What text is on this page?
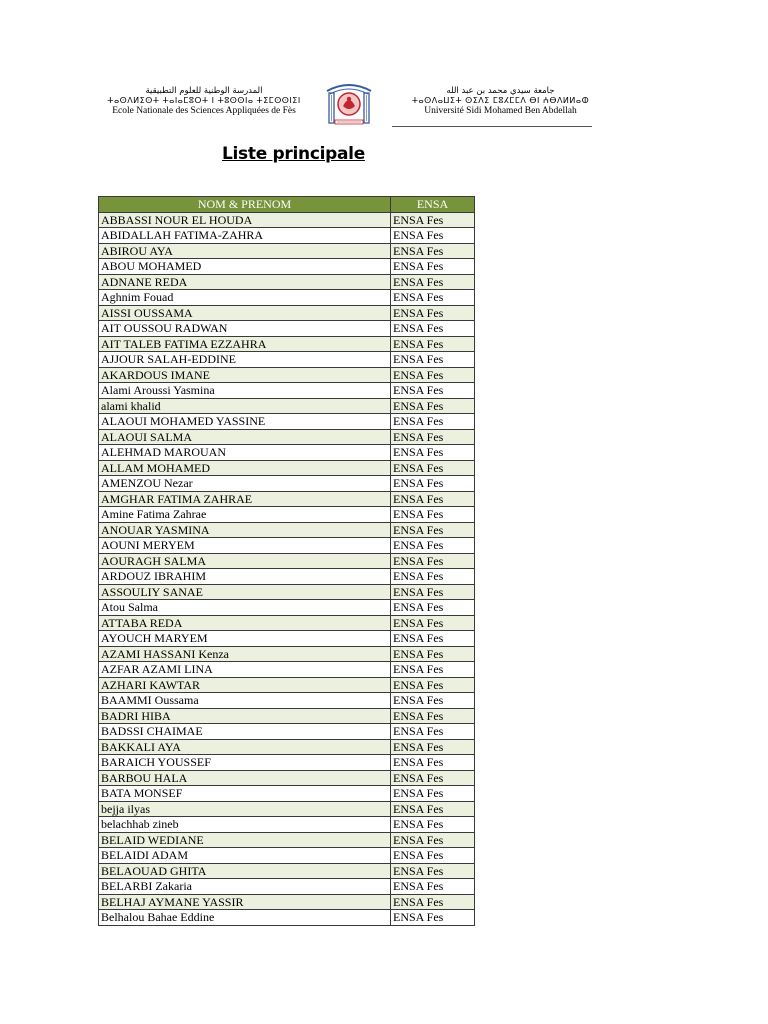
المدرسة الوطنية للعلوم التطبيقية
ⵜⴰⵙⴷⵍⵉⵙⵜ ⵜⴰⵏⴰⵎⵓⵔⵜ ⵏ ⵜⵓⵙⵙⵏⴰ ⵜⵉⵎⵙⵙⵏⵉⵏ
Ecole Nationale des Sciences Appliquées de Fès
جامعة سيدي محمد بن عبد الله
ⵜⴰⵙⴷⴰⵡⵉⵜ ⵙⵉⴷⵉ ⵎⵓⵃⵎⵎⴷ ⴱⵏ ⵄⴱⴷⵍⵍⴰⵀ
Université Sidi Mohamed Ben Abdellah
Liste principale
NOM & PRENOM	ENSA
ABBASSI NOUR EL HOUDA	ENSA Fes
ABIDALLAH FATIMA-ZAHRA	ENSA Fes
ABIROU AYA	ENSA Fes
ABOU MOHAMED	ENSA Fes
ADNANE REDA	ENSA Fes
Aghnim Fouad	ENSA Fes
AISSI OUSSAMA	ENSA Fes
AIT OUSSOU RADWAN	ENSA Fes
AIT TALEB FATIMA EZZAHRA	ENSA Fes
AJJOUR SALAH-EDDINE	ENSA Fes
AKARDOUS IMANE	ENSA Fes
Alami Aroussi Yasmina	ENSA Fes
alami khalid	ENSA Fes
ALAOUI MOHAMED YASSINE	ENSA Fes
ALAOUI SALMA	ENSA Fes
ALEHMAD MAROUAN	ENSA Fes
ALLAM MOHAMED	ENSA Fes
AMENZOU Nezar	ENSA Fes
AMGHAR FATIMA ZAHRAE	ENSA Fes
Amine Fatima Zahrae	ENSA Fes
ANOUAR YASMINA	ENSA Fes
AOUNI MERYEM	ENSA Fes
AOURAGH SALMA	ENSA Fes
ARDOUZ IBRAHIM	ENSA Fes
ASSOULIY SANAE	ENSA Fes
Atou Salma	ENSA Fes
ATTABA REDA	ENSA Fes
AYOUCH MARYEM	ENSA Fes
AZAMI HASSANI Kenza	ENSA Fes
AZFAR AZAMI LINA	ENSA Fes
AZHARI KAWTAR	ENSA Fes
BAAMMI Oussama	ENSA Fes
BADRI HIBA	ENSA Fes
BADSSI CHAIMAE	ENSA Fes
BAKKALI AYA	ENSA Fes
BARAICH YOUSSEF	ENSA Fes
BARBOU HALA	ENSA Fes
BATA MONSEF	ENSA Fes
bejja ilyas	ENSA Fes
belachhab zineb	ENSA Fes
BELAID WEDIANE	ENSA Fes
BELAIDI ADAM	ENSA Fes
BELAOUAD GHITA	ENSA Fes
BELARBI Zakaria	ENSA Fes
BELHAJ AYMANE YASSIR	ENSA Fes
Belhalou Bahae Eddine	ENSA Fes
